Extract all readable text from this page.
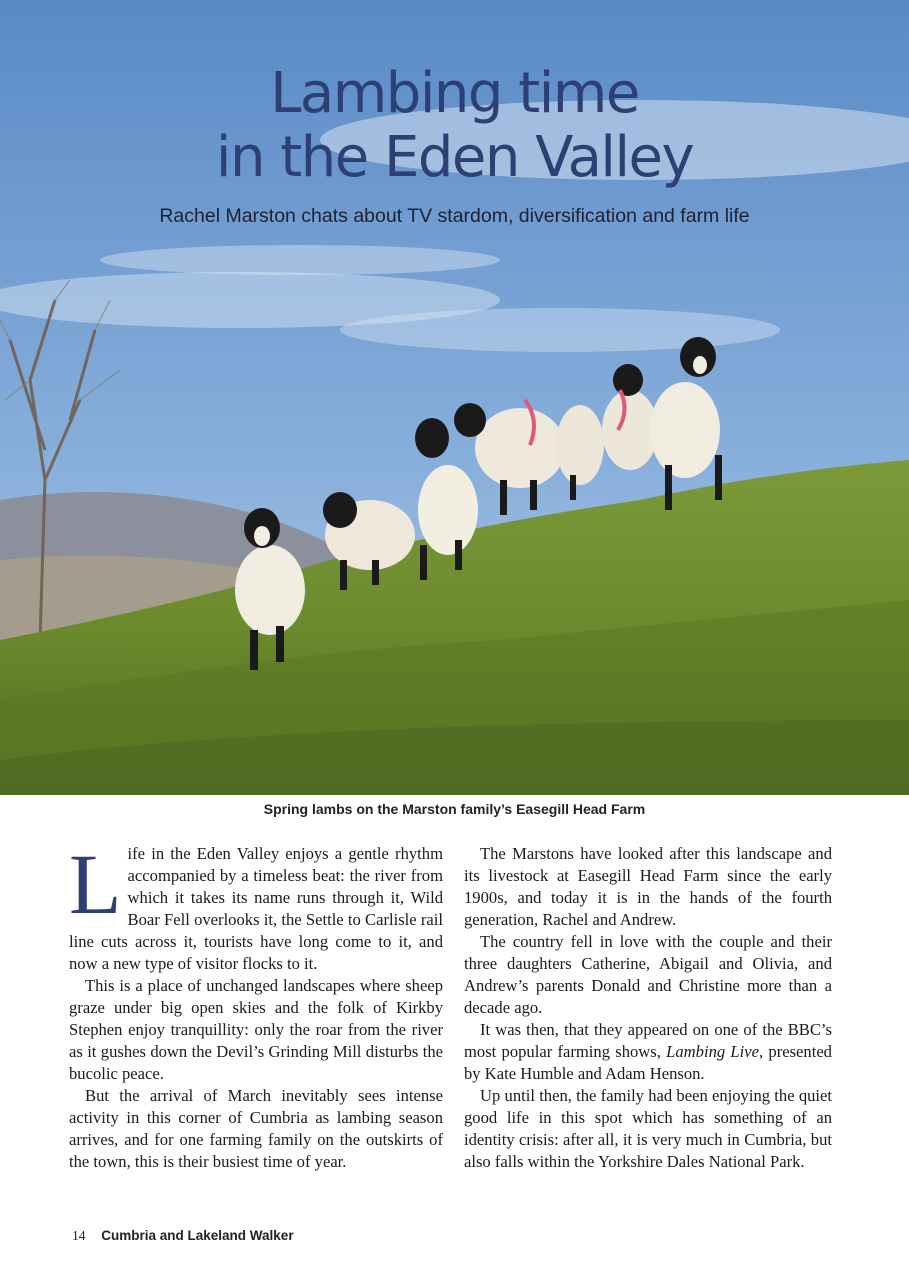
Lambing time
in the Eden Valley

Rachel Marston chats about TV stardom, diversification and farm life

Spring lambs on the Marston family’s Easegill Head Farm

Life in the Eden Valley enjoys a gentle rhythm accompanied by a timeless beat: the river from which it takes its name runs through it, Wild Boar Fell overlooks it, the Settle to Carlisle rail line cuts across it, tourists have long come to it, and now a new type of visitor flocks to it.

This is a place of unchanged landscapes where sheep graze under big open skies and the folk of Kirkby Stephen enjoy tranquillity: only the roar from the river as it gushes down the Devil’s Grinding Mill disturbs the bucolic peace.

But the arrival of March inevitably sees intense activity in this corner of Cumbria as lambing season arrives, and for one farming family on the outskirts of the town, this is their busiest time of year.

The Marstons have looked after this landscape and its livestock at Easegill Head Farm since the early 1900s, and today it is in the hands of the fourth generation, Rachel and Andrew.

The country fell in love with the couple and their three daughters Catherine, Abigail and Olivia, and Andrew’s parents Donald and Christine more than a decade ago.

It was then, that they appeared on one of the BBC’s most popular farming shows, Lambing Live, presented by Kate Humble and Adam Henson.

Up until then, the family had been enjoying the quiet good life in this spot which has something of an identity crisis: after all, it is very much in Cumbria, but also falls within the Yorkshire Dales National Park.

14 Cumbria and Lakeland Walker
